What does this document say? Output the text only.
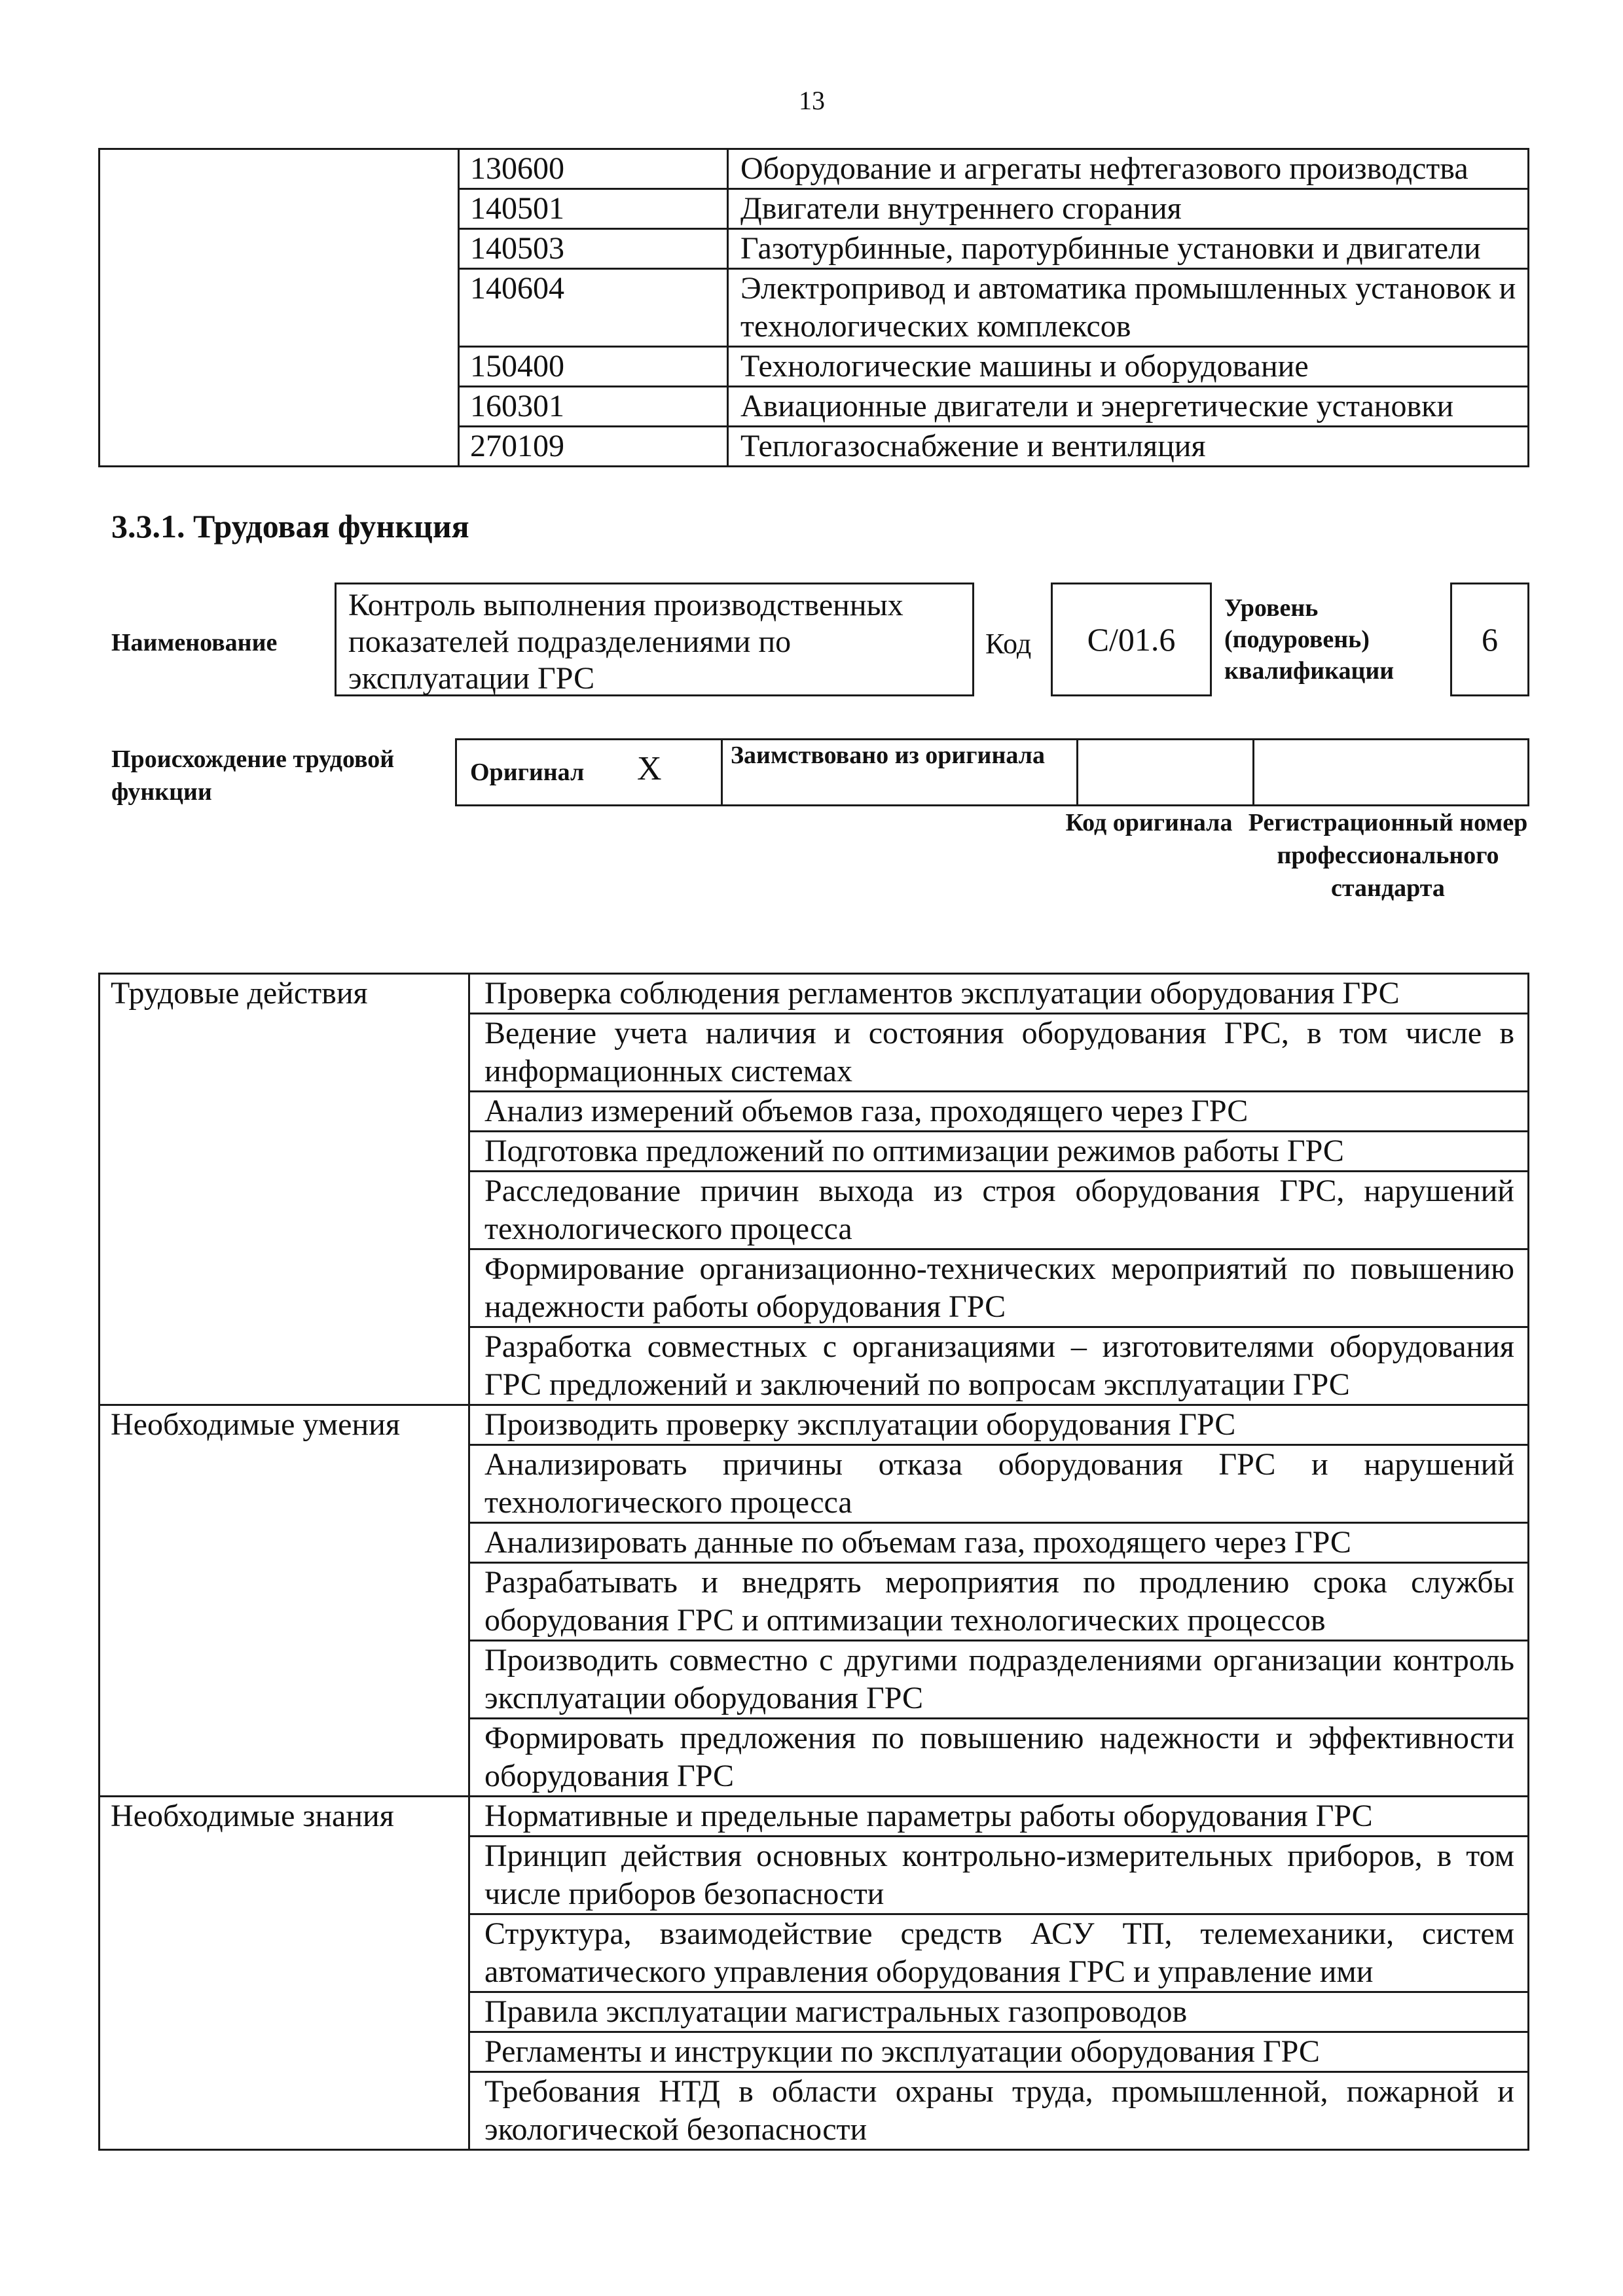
13
	130600	Оборудование и агрегаты нефтегазового производства
	140501	Двигатели внутреннего сгорания
	140503	Газотурбинные, паротурбинные установки и двигатели
	140604	Электропривод и автоматика промышленных установок и технологических комплексов
	150400	Технологические машины и оборудование
	160301	Авиационные двигатели и энергетические установки
	270109	Теплогазоснабжение и вентиляция
3.3.1. Трудовая функция
Наименование
Контроль выполнения производственных показателей подразделениями по эксплуатации ГРС
Код	C/01.6
Уровень (подуровень) квалификации
6
Происхождение трудовой функции
Оригинал X	Заимствовано из оригинала		
Код оригинала Регистрационный номер профессионального стандарта
Трудовые действия	Проверка соблюдения регламентов эксплуатации оборудования ГРС
	Ведение учета наличия и состояния оборудования ГРС, в том числе в информационных системах
	Анализ измерений объемов газа, проходящего через ГРС
	Подготовка предложений по оптимизации режимов работы ГРС
	Расследование причин выхода из строя оборудования ГРС, нарушений технологического процесса
	Формирование организационно-технических мероприятий по повышению надежности работы оборудования ГРС
	Разработка совместных с организациями – изготовителями оборудования ГРС предложений и заключений по вопросам эксплуатации ГРС
Необходимые умения	Производить проверку эксплуатации оборудования ГРС
	Анализировать причины отказа оборудования ГРС и нарушений технологического процесса
	Анализировать данные по объемам газа, проходящего через ГРС
	Разрабатывать и внедрять мероприятия по продлению срока службы оборудования ГРС и оптимизации технологических процессов
	Производить совместно с другими подразделениями организации контроль эксплуатации оборудования ГРС
	Формировать предложения по повышению надежности и эффективности оборудования ГРС
Необходимые знания	Нормативные и предельные параметры работы оборудования ГРС
	Принцип действия основных контрольно-измерительных приборов, в том числе приборов безопасности
	Структура, взаимодействие средств АСУ ТП, телемеханики, систем автоматического управления оборудования ГРС и управление ими
	Правила эксплуатации магистральных газопроводов
	Регламенты и инструкции по эксплуатации оборудования ГРС
	Требования НТД в области охраны труда, промышленной, пожарной и экологической безопасности
